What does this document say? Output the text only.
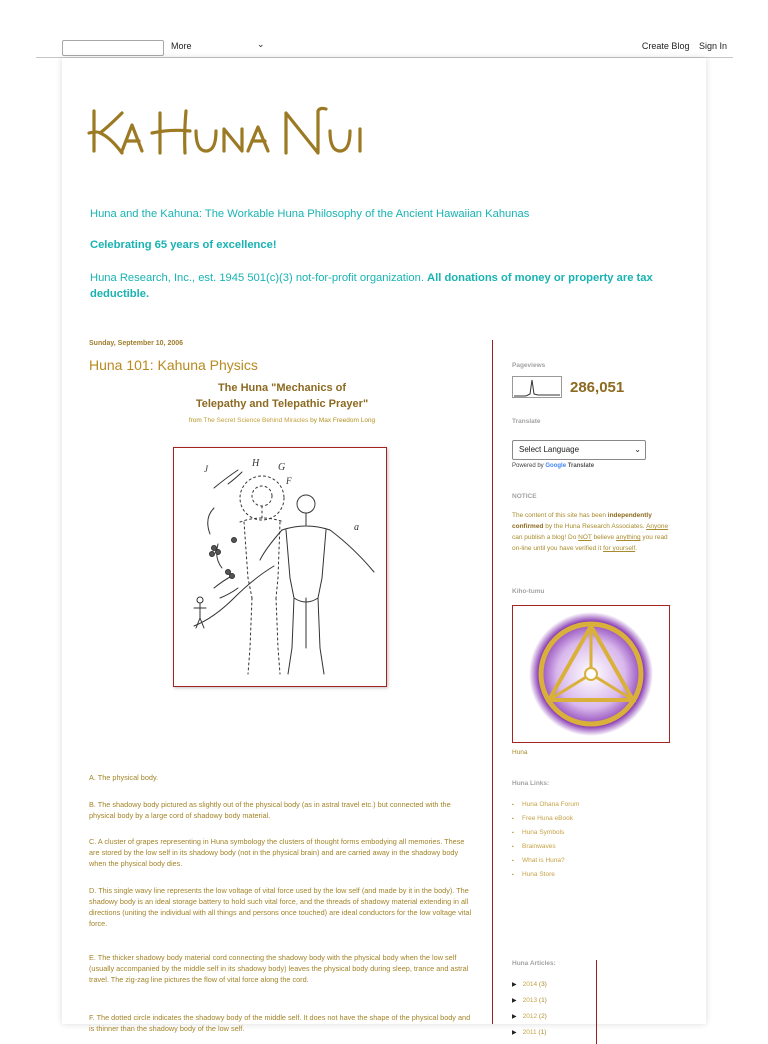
More	⌄	Create Blog Sign In
Huna and the Kahuna: The Workable Huna Philosophy of the Ancient Hawaiian Kahunas
Celebrating 65 years of excellence!
Huna Research, Inc., est. 1945 501(c)(3) not-for-profit organization. All donations of money or property are tax deductible.
Sunday, September 10, 2006
Huna 101: Kahuna Physics
The Huna "Mechanics of
Telepathy and Telepathic Prayer"
from The Secret Science Behind Miracles by Max Freedom Long
H G
a
F
J
A. The physical body.
B. The shadowy body pictured as slightly out of the physical body (as in astral travel etc.) but connected with the physical body by a large cord of shadowy body material.
C. A cluster of grapes representing in Huna symbology the clusters of thought forms embodying all memories. These are stored by the low self in its shadowy body (not in the physical brain) and are carried away in the shadowy body when the physical body dies.
D. This single wavy line represents the low voltage of vital force used by the low self (and made by it in the body). The shadowy body is an ideal storage battery to hold such vital force, and the threads of shadowy material extending in all directions (uniting the individual with all things and persons once touched) are ideal conductors for the low voltage vital force.
E. The thicker shadowy body material cord connecting the shadowy body with the physical body when the low self (usually accompanied by the middle self in its shadowy body) leaves the physical body during sleep, trance and astral travel. The zig-zag line pictures the flow of vital force along the cord.
F. The dotted circle indicates the shadowy body of the middle self. It does not have the shape of the physical body and is thinner than the shadowy body of the low self.
Pageviews
286,051
Translate
Select Language	⌄
Powered by Google Translate
NOTICE
The content of this site has been independently confirmed by the Huna Research Associates. Anyone can publish a blog! Do NOT believe anything you read on-line until you have verified it for yourself.
Kiho-tumu
Huna
Huna Links:
▪ Huna Ohana Forum
▪ Free Huna eBook
▪ Huna Symbols
▪ Brainwaves
▪ What is Huna?
▪ Huna Store
Huna Articles:
▶ 2014 (3)
▶ 2013 (1)
▶ 2012 (2)
▶ 2011 (1)
